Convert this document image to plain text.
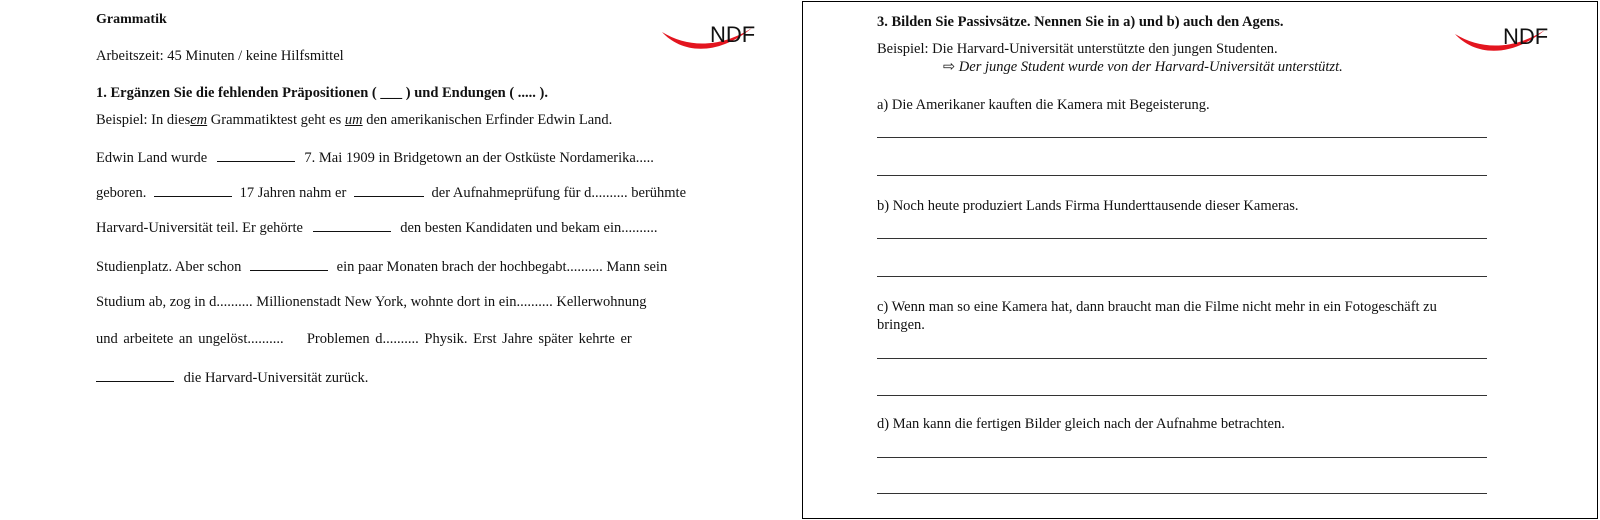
Grammatik
Arbeitszeit: 45 Minuten / keine Hilfsmittel
1. Ergänzen Sie die fehlenden Präpositionen ( ___ ) und Endungen ( ..... ).
Beispiel: In diesem Grammatiktest geht es um den amerikanischen Erfinder Edwin Land.
Edwin Land wurde	7. Mai 1909 in Bridgetown an der Ostküste Nordamerika.....
geboren.	17 Jahren nahm er	der Aufnahmeprüfung für d.......... berühmte
Harvard-Universität teil. Er gehörte	den besten Kandidaten und bekam ein..........
Studienplatz. Aber schon	ein paar Monaten brach der hochbegabt.......... Mann sein
Studium ab, zog in d.......... Millionenstadt New York, wohnte dort in ein.......... Kellerwohnung
und arbeitete an ungelöst.......... Problemen d.......... Physik. Erst Jahre später kehrte er
die Harvard-Universität zurück.
NDF	3. Bilden Sie Passivsätze. Nennen Sie in a) und b) auch den Agens.
Beispiel: Die Harvard-Universität unterstützte den jungen Studenten.
⇨ Der junge Student wurde von der Harvard-Universität unterstützt.
a) Die Amerikaner kauften die Kamera mit Begeisterung.
b) Noch heute produziert Lands Firma Hunderttausende dieser Kameras.
c) Wenn man so eine Kamera hat, dann braucht man die Filme nicht mehr in ein Fotogeschäft zu
bringen.
d) Man kann die fertigen Bilder gleich nach der Aufnahme betrachten.
NDF
